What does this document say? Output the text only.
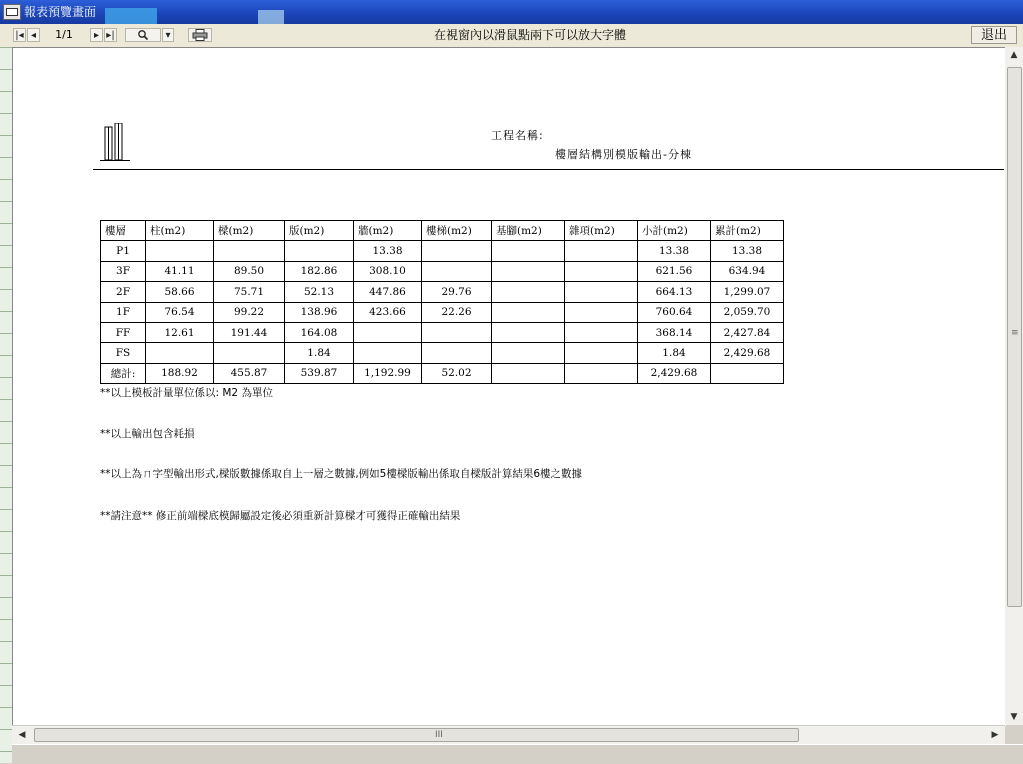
報表預覽畫面
|◂ ◂	1/1	▸ ▸|	▾	在視窗內以滑鼠點兩下可以放大字體	退出
工程名稱:
樓層結構別模版輸出-分棟
樓層	柱(m2)	樑(m2)	版(m2)	牆(m2)	樓梯(m2)	基腳(m2)	雜項(m2)	小計(m2)	累計(m2)
P1				13.38				13.38	13.38
3F	41.11	89.50	182.86	308.10				621.56	634.94
2F	58.66	75.71	52.13	447.86	29.76			664.13	1,299.07
1F	76.54	99.22	138.96	423.66	22.26			760.64	2,059.70
FF	12.61	191.44	164.08					368.14	2,427.84
FS			1.84					1.84	2,429.68
總計:	188.92	455.87	539.87	1,192.99	52.02			2,429.68	
**以上模板計量單位係以: M2 為單位
**以上輸出包含耗損
**以上為ㄇ字型輸出形式,樑版數據係取自上一層之數據,例如5樓樑版輸出係取自樑版計算結果6樓之數據
**請注意** 修正前端樑底模歸屬設定後必須重新計算樑才可獲得正確輸出結果
▲
≡
▼
◀	III	▶
